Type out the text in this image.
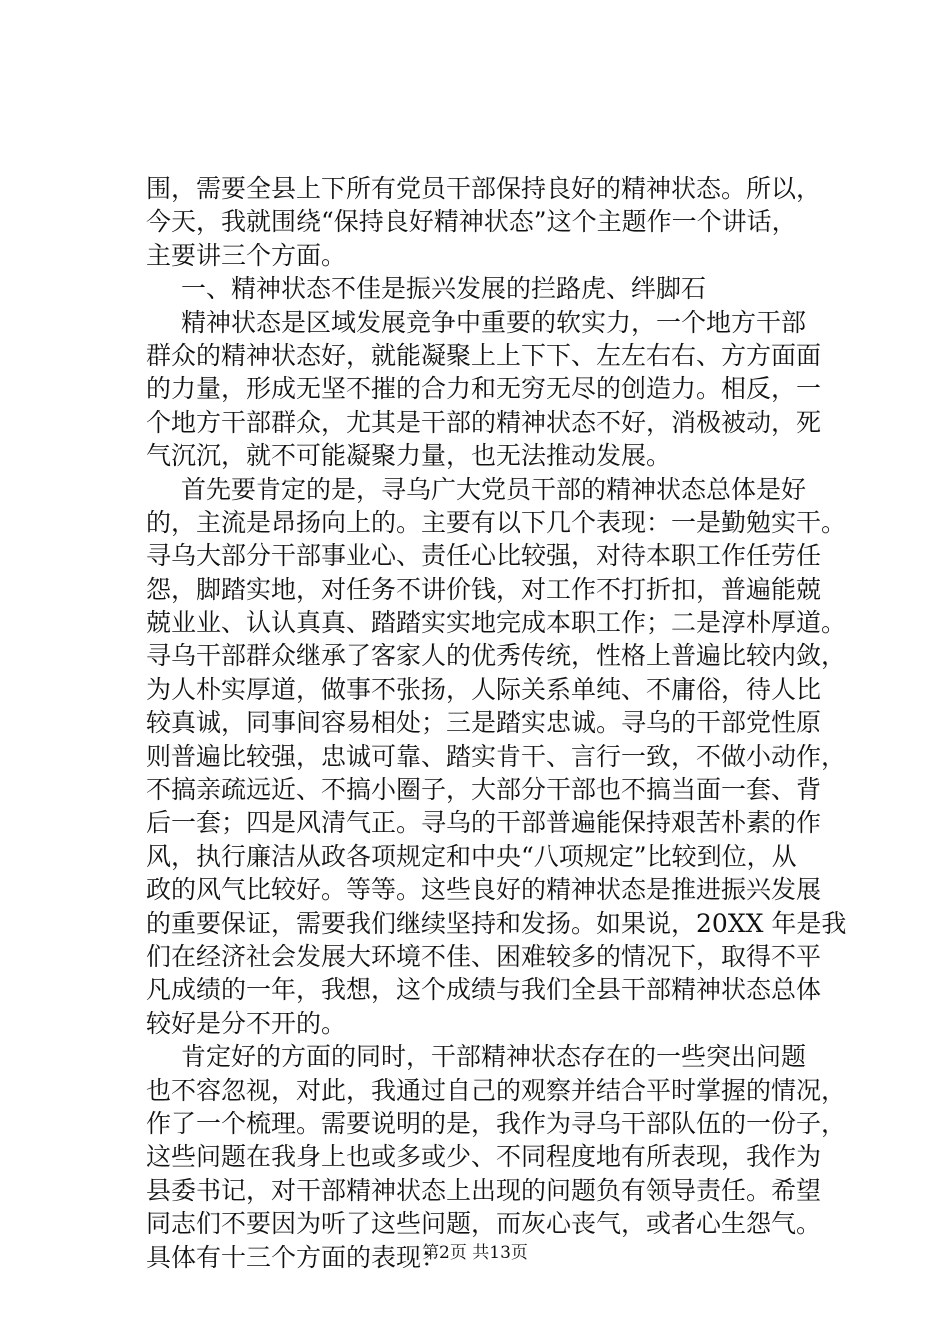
围，需要全县上下所有党员干部保持良好的精神状态。所以，
今天，我就围绕“保持良好精神状态”这个主题作一个讲话，
主要讲三个方面。
一、精神状态不佳是振兴发展的拦路虎、绊脚石
精神状态是区域发展竞争中重要的软实力，一个地方干部
群众的精神状态好，就能凝聚上上下下、左左右右、方方面面
的力量，形成无坚不摧的合力和无穷无尽的创造力。相反，一
个地方干部群众，尤其是干部的精神状态不好，消极被动，死
气沉沉，就不可能凝聚力量，也无法推动发展。
首先要肯定的是，寻乌广大党员干部的精神状态总体是好
的，主流是昂扬向上的。主要有以下几个表现：一是勤勉实干。
寻乌大部分干部事业心、责任心比较强，对待本职工作任劳任
怨，脚踏实地，对任务不讲价钱，对工作不打折扣，普遍能兢
兢业业、认认真真、踏踏实实地完成本职工作；二是淳朴厚道。
寻乌干部群众继承了客家人的优秀传统，性格上普遍比较内敛，
为人朴实厚道，做事不张扬，人际关系单纯、不庸俗，待人比
较真诚，同事间容易相处；三是踏实忠诚。寻乌的干部党性原
则普遍比较强，忠诚可靠、踏实肯干、言行一致，不做小动作，
不搞亲疏远近、不搞小圈子，大部分干部也不搞当面一套、背
后一套；四是风清气正。寻乌的干部普遍能保持艰苦朴素的作
风，执行廉洁从政各项规定和中央“八项规定”比较到位，从
政的风气比较好。等等。这些良好的精神状态是推进振兴发展
的重要保证，需要我们继续坚持和发扬。如果说，20XX 年是我
们在经济社会发展大环境不佳、困难较多的情况下，取得不平
凡成绩的一年，我想，这个成绩与我们全县干部精神状态总体
较好是分不开的。
肯定好的方面的同时，干部精神状态存在的一些突出问题
也不容忽视，对此，我通过自己的观察并结合平时掌握的情况，
作了一个梳理。需要说明的是，我作为寻乌干部队伍的一份子，
这些问题在我身上也或多或少、不同程度地有所表现，我作为
县委书记，对干部精神状态上出现的问题负有领导责任。希望
同志们不要因为听了这些问题，而灰心丧气，或者心生怨气。
具体有十三个方面的表现：
第2页 共13页
